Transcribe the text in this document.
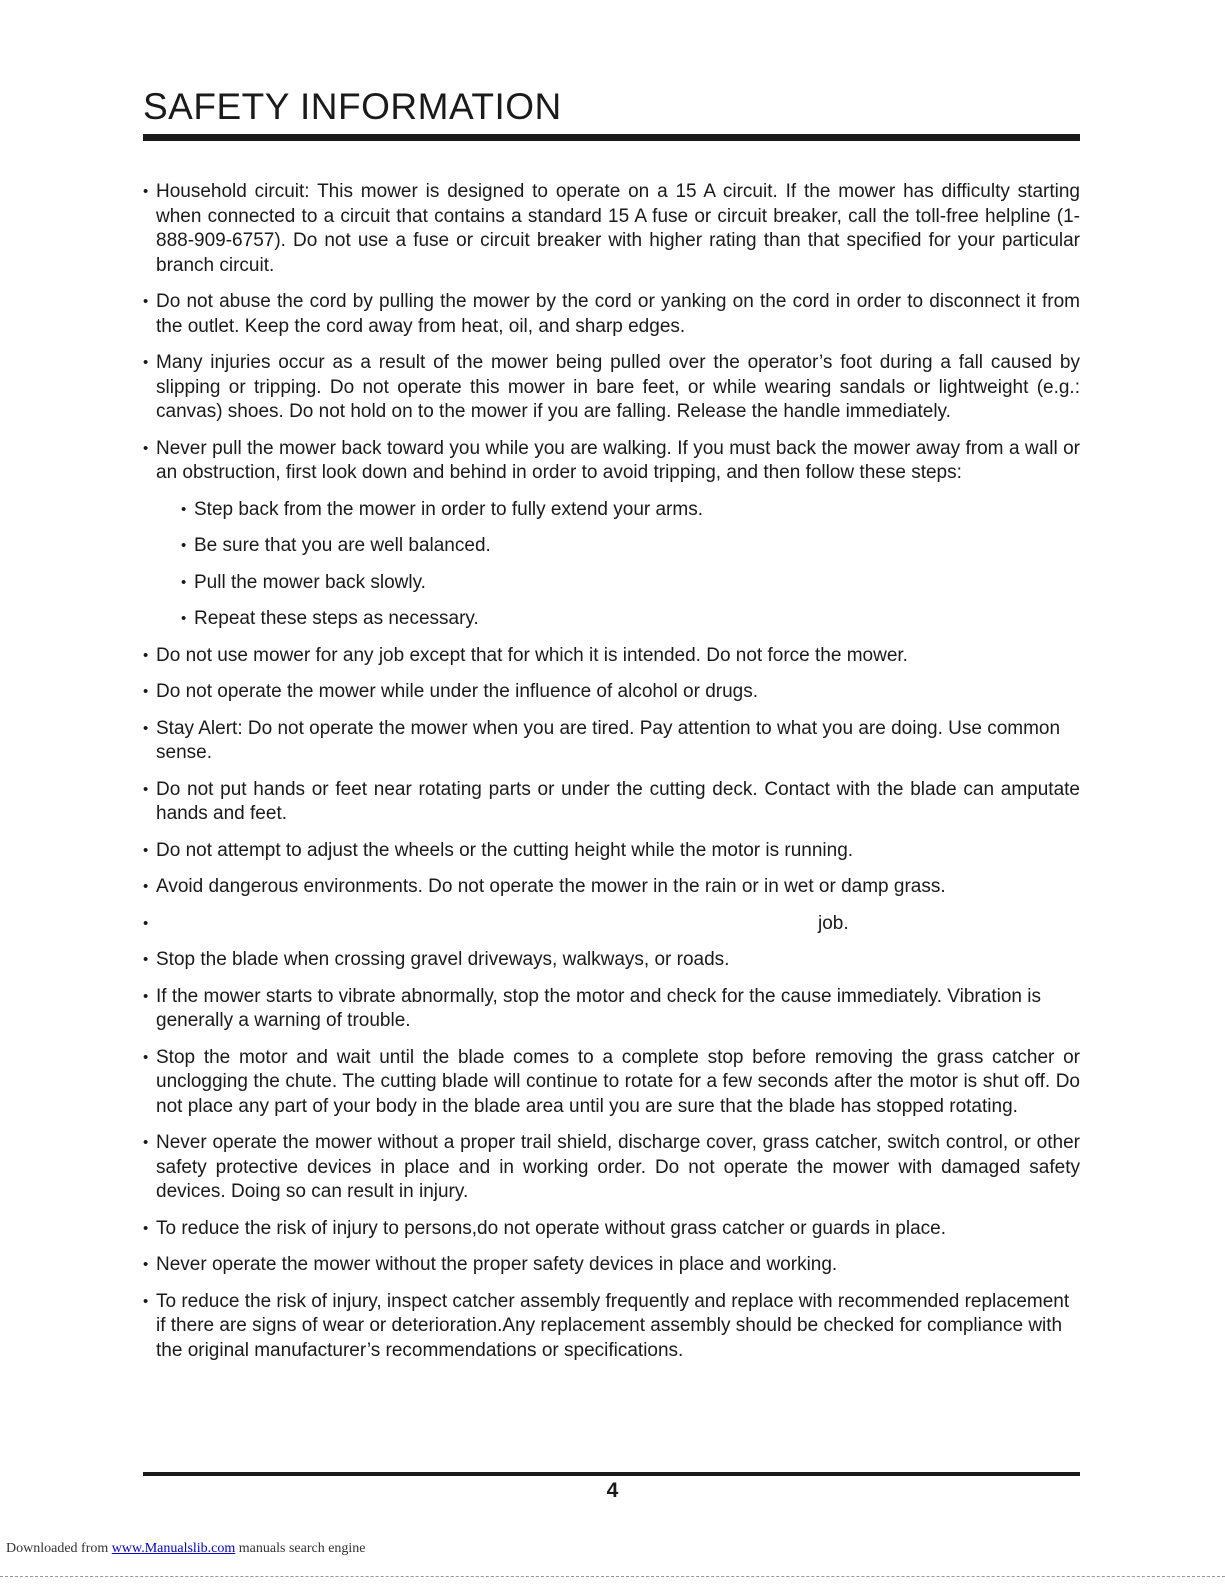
SAFETY INFORMATION
• Household circuit: This mower is designed to operate on a 15 A circuit. If the mower has difficulty starting when connected to a circuit that contains a standard 15 A fuse or circuit breaker, call the toll-free helpline (1-888-909-6757). Do not use a fuse or circuit breaker with higher rating than that specified for your particular branch circuit.
• Do not abuse the cord by pulling the mower by the cord or yanking on the cord in order to disconnect it from the outlet. Keep the cord away from heat, oil, and sharp edges.
• Many injuries occur as a result of the mower being pulled over the operator’s foot during a fall caused by slipping or tripping. Do not operate this mower in bare feet, or while wearing sandals or lightweight (e.g.: canvas) shoes. Do not hold on to the mower if you are falling. Release the handle immediately.
• Never pull the mower back toward you while you are walking. If you must back the mower away from a wall or an obstruction, first look down and behind in order to avoid tripping, and then follow these steps:
• Step back from the mower in order to fully extend your arms.
• Be sure that you are well balanced.
• Pull the mower back slowly.
• Repeat these steps as necessary.
• Do not use mower for any job except that for which it is intended. Do not force the mower.
• Do not operate the mower while under the influence of alcohol or drugs.
• Stay Alert: Do not operate the mower when you are tired. Pay attention to what you are doing. Use common sense.
• Do not put hands or feet near rotating parts or under the cutting deck. Contact with the blade can amputate hands and feet.
• Do not attempt to adjust the wheels or the cutting height while the motor is running.
• Avoid dangerous environments. Do not operate the mower in the rain or in wet or damp grass.
• job.
• Stop the blade when crossing gravel driveways, walkways, or roads.
• If the mower starts to vibrate abnormally, stop the motor and check for the cause immediately. Vibration is generally a warning of trouble.
• Stop the motor and wait until the blade comes to a complete stop before removing the grass catcher or unclogging the chute. The cutting blade will continue to rotate for a few seconds after the motor is shut off. Do not place any part of your body in the blade area until you are sure that the blade has stopped rotating.
• Never operate the mower without a proper trail shield, discharge cover, grass catcher, switch control, or other safety protective devices in place and in working order. Do not operate the mower with damaged safety devices. Doing so can result in injury.
• To reduce the risk of injury to persons,do not operate without grass catcher or guards in place.
• Never operate the mower without the proper safety devices in place and working.
• To reduce the risk of injury, inspect catcher assembly frequently and replace with recommended replacement if there are signs of wear or deterioration.Any replacement assembly should be checked for compliance with the original manufacturer’s recommendations or specifications.
4
Downloaded from www.Manualslib.com manuals search engine
